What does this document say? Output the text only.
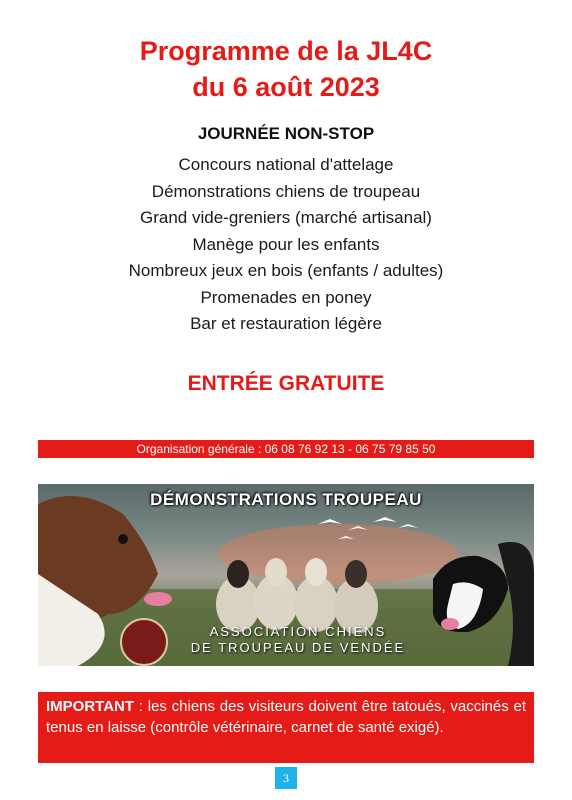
Programme de la JL4C
du 6 août 2023
JOURNÉE NON-STOP
Concours national d'attelage
Démonstrations chiens de troupeau
Grand vide-greniers (marché artisanal)
Manège pour les enfants
Nombreux jeux en bois (enfants / adultes)
Promenades en poney
Bar et restauration légère
ENTRÉE GRATUITE
Organisation générale : 06 08 76 92 13 - 06 75 79 85 50
DÉMONSTRATIONS TROUPEAU
ASSOCIATION CHIENS
DE TROUPEAU DE VENDÉE
IMPORTANT : les chiens des visiteurs doivent être tatoués, vaccinés et tenus en laisse (contrôle vétérinaire, carnet de santé exigé).
3
